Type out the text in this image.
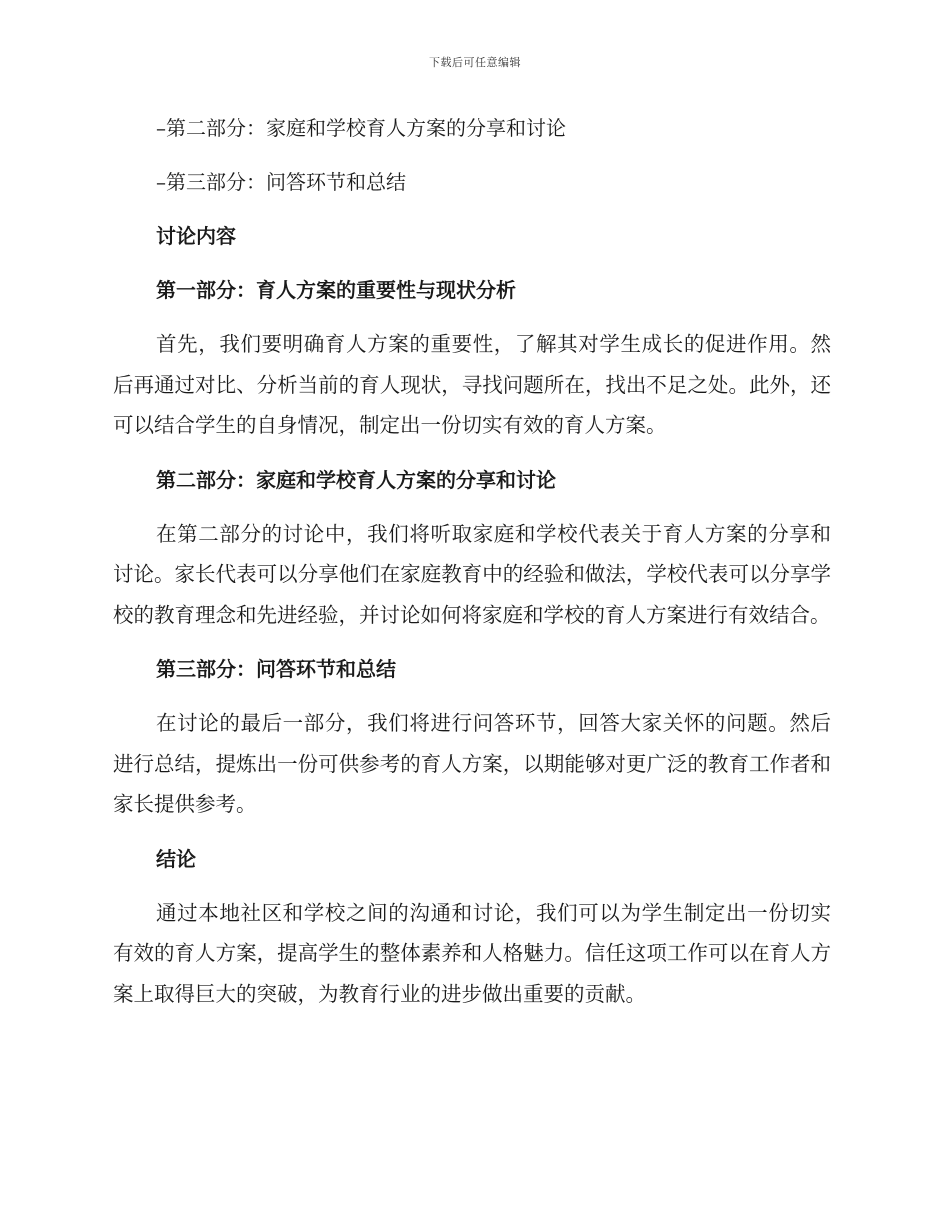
下载后可任意编辑
–第二部分：家庭和学校育人方案的分享和讨论
–第三部分：问答环节和总结
讨论内容
第一部分：育人方案的重要性与现状分析
首先，我们要明确育人方案的重要性，了解其对学生成长的促进作用。然后再通过对比、分析当前的育人现状，寻找问题所在，找出不足之处。此外，还可以结合学生的自身情况，制定出一份切实有效的育人方案。
第二部分：家庭和学校育人方案的分享和讨论
在第二部分的讨论中，我们将听取家庭和学校代表关于育人方案的分享和讨论。家长代表可以分享他们在家庭教育中的经验和做法，学校代表可以分享学校的教育理念和先进经验，并讨论如何将家庭和学校的育人方案进行有效结合。
第三部分：问答环节和总结
在讨论的最后一部分，我们将进行问答环节，回答大家关怀的问题。然后进行总结，提炼出一份可供参考的育人方案，以期能够对更广泛的教育工作者和家长提供参考。
结论
通过本地社区和学校之间的沟通和讨论，我们可以为学生制定出一份切实有效的育人方案，提高学生的整体素养和人格魅力。信任这项工作可以在育人方案上取得巨大的突破，为教育行业的进步做出重要的贡献。
